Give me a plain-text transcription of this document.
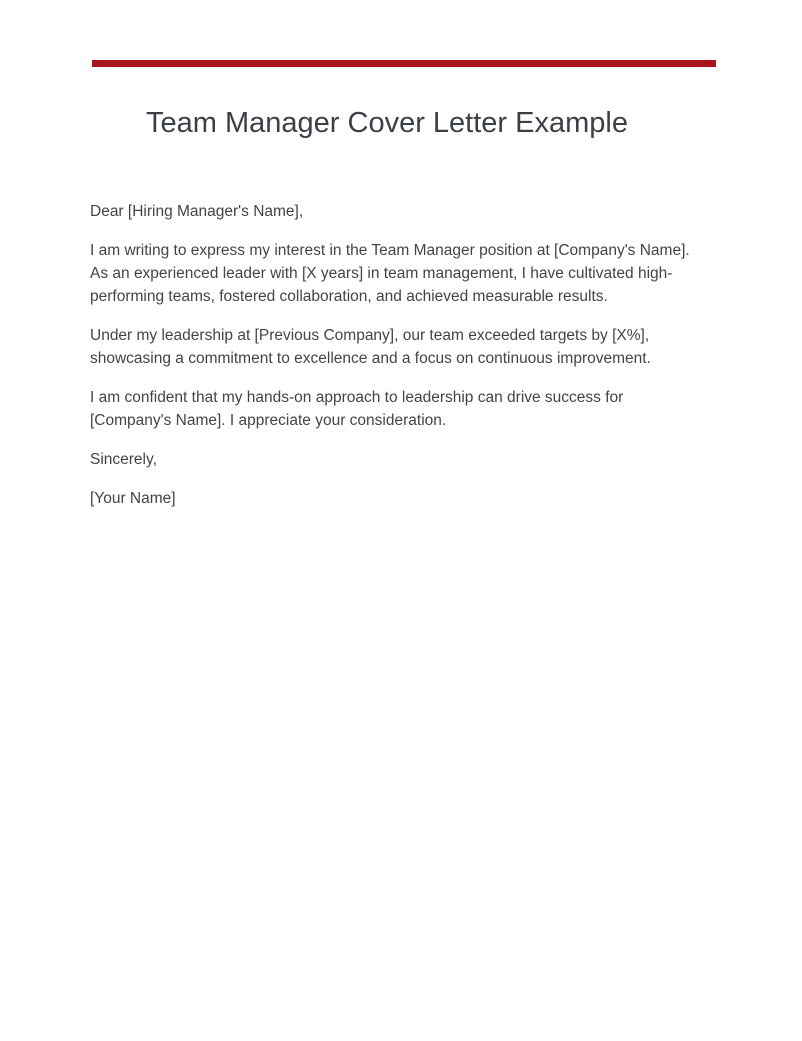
Team Manager Cover Letter Example

Dear [Hiring Manager's Name],

I am writing to express my interest in the Team Manager position at [Company's Name]. As an experienced leader with [X years] in team management, I have cultivated high-performing teams, fostered collaboration, and achieved measurable results.

Under my leadership at [Previous Company], our team exceeded targets by [X%], showcasing a commitment to excellence and a focus on continuous improvement.

I am confident that my hands-on approach to leadership can drive success for [Company's Name]. I appreciate your consideration.

Sincerely,

[Your Name]
